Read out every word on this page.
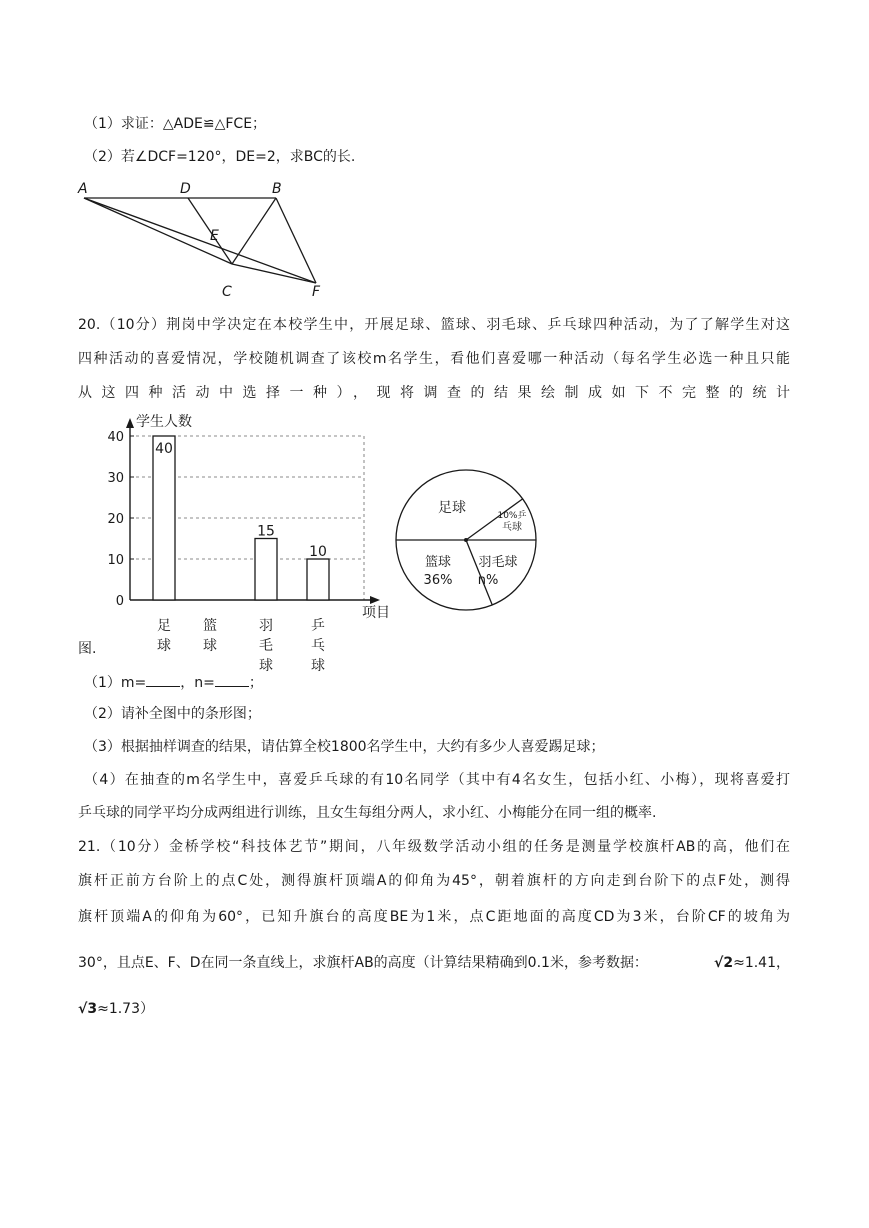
（1）求证：△ADE≌△FCE；
（2）若∠DCF=120°，DE=2，求BC的长.
A	D	B
E
C	F
20.（10分）荆岗中学决定在本校学生中，开展足球、篮球、羽毛球、乒乓球四种活动，为了了解学生对这
四种活动的喜爱情况，学校随机调查了该校m名学生，看他们喜爱哪一种活动（每名学生必选一种且只能
从这四种活动中选择一种），现将调查的结果绘制成如下不完整的统计
学生人数
0
10
20
30
40
项目
40
足
球
篮
球
15
羽
毛
球
10
乒
乓
球
足球	10%乒
乓球
羽毛球
n%
篮球
36%
图.
（1）m= ，n= ；
（2）请补全图中的条形图；
（3）根据抽样调查的结果，请估算全校1800名学生中，大约有多少人喜爱踢足球；
（4）在抽查的m名学生中，喜爱乒乓球的有10名同学（其中有4名女生，包括小红、小梅），现将喜爱打
乒乓球的同学平均分成两组进行训练，且女生每组分两人，求小红、小梅能分在同一组的概率.
21.（10分）金桥学校“科技体艺节”期间，八年级数学活动小组的任务是测量学校旗杆AB的高，他们在
旗杆正前方台阶上的点C处，测得旗杆顶端A的仰角为45°，朝着旗杆的方向走到台阶下的点F处，测得
旗杆顶端A的仰角为60°，已知升旗台的高度BE为1米，点C距地面的高度CD为3米，台阶CF的坡角为
30°，且点E、F、D在同一条直线上，求旗杆AB的高度（计算结果精确到0.1米，参考数据：	√2≈1.41，
√3≈1.73）
